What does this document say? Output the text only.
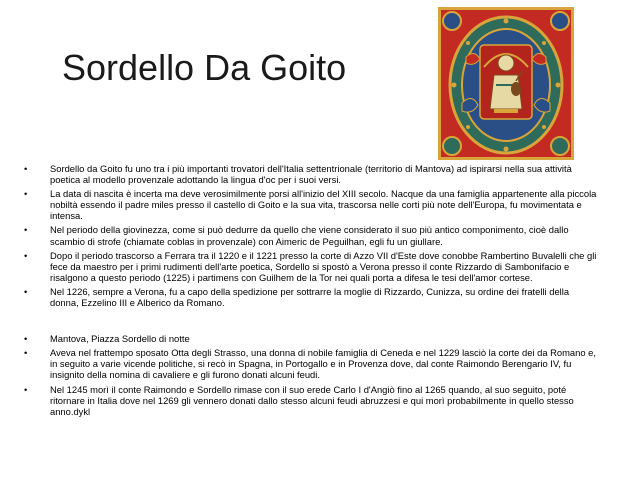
Sordello Da Goito
•	Sordello da Goito fu uno tra i più importanti trovatori dell'Italia settentrionale (territorio di Mantova) ad ispirarsi nella sua attività poetica al modello provenzale adottando la lingua d'oc per i suoi versi.
•	La data di nascita è incerta ma deve verosimilmente porsi all'inizio del XIII secolo. Nacque da una famiglia appartenente alla piccola nobiltà essendo il padre miles presso il castello di Goito e la sua vita, trascorsa nelle corti più note dell'Europa, fu movimentata e intensa.
•	Nel periodo della giovinezza, come si può dedurre da quello che viene considerato il suo più antico componimento, cioè dallo scambio di strofe (chiamate coblas in provenzale) con Aimeric de Peguilhan, egli fu un giullare.
•	Dopo il periodo trascorso a Ferrara tra il 1220 e il 1221 presso la corte di Azzo VII d'Este dove conobbe Rambertino Buvalelli che gli fece da maestro per i primi rudimenti dell'arte poetica, Sordello si spostò a Verona presso il conte Rizzardo di Sambonifacio e risalgono a questo periodo (1225) i partimens con Guilhem de la Tor nei quali porta a difesa le tesi dell'amor cortese.
•	Nel 1226, sempre a Verona, fu a capo della spedizione per sottrarre la moglie di Rizzardo, Cunizza, su ordine dei fratelli della donna, Ezzelino III e Alberico da Romano.
•	Mantova, Piazza Sordello di notte
•	Aveva nel frattempo sposato Otta degli Strasso, una donna di nobile famiglia di Ceneda e nel 1229 lasciò la corte dei da Romano e, in seguito a varie vicende politiche, si recò in Spagna, in Portogallo e in Provenza dove, dal conte Raimondo Berengario IV, fu insignito della nomina di cavaliere e gli furono donati alcuni feudi.
•	Nel 1245 morì il conte Raimondo e Sordello rimase con il suo erede Carlo I d'Angiò fino al 1265 quando, al suo seguito, poté ritornare in Italia dove nel 1269 gli vennero donati dallo stesso alcuni feudi abruzzesi e qui morì probabilmente in quello stesso anno.dykl
